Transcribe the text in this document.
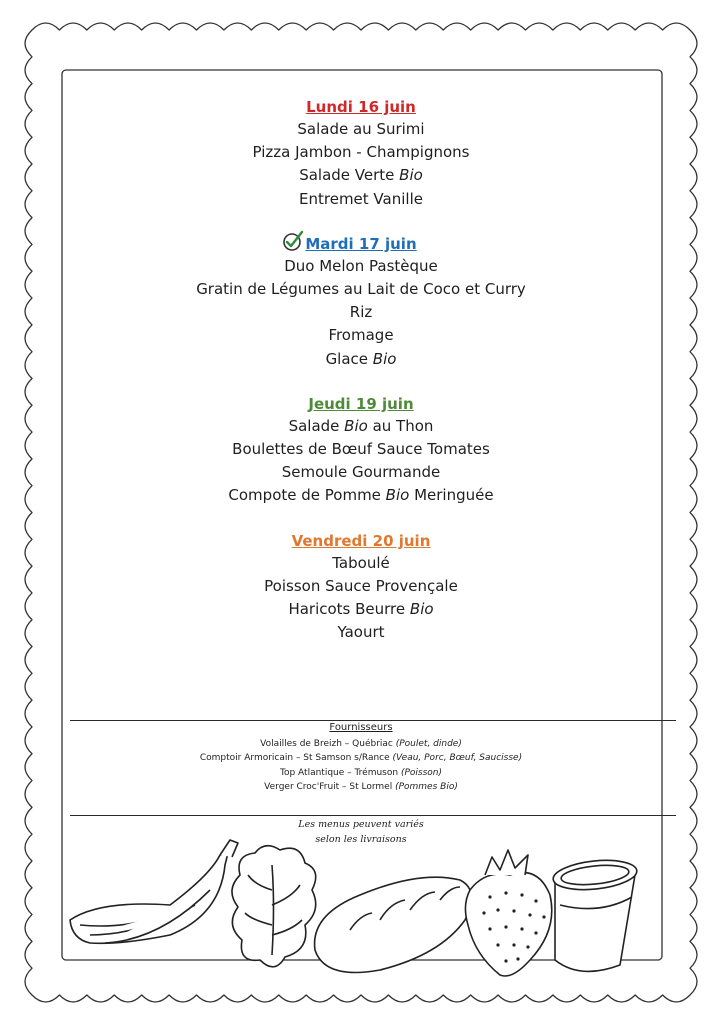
Lundi 16 juin
Salade au Surimi
Pizza Jambon - Champignons
Salade Verte Bio
Entremet Vanille
Mardi 17 juin
Duo Melon Pastèque
Gratin de Légumes au Lait de Coco et Curry
Riz
Fromage
Glace Bio
Jeudi 19 juin
Salade Bio au Thon
Boulettes de Bœuf Sauce Tomates
Semoule Gourmande
Compote de Pomme Bio Meringuée
Vendredi 20 juin
Taboulé
Poisson Sauce Provençale
Haricots Beurre Bio
Yaourt
Fournisseurs
Volailles de Breizh – Québriac (Poulet, dinde)
Comptoir Armoricain – St Samson s/Rance (Veau, Porc, Bœuf, Saucisse)
Top Atlantique – Trémuson (Poisson)
Verger Croc'Fruit – St Lormel (Pommes Bio)
Les menus peuvent variés
selon les livraisons
